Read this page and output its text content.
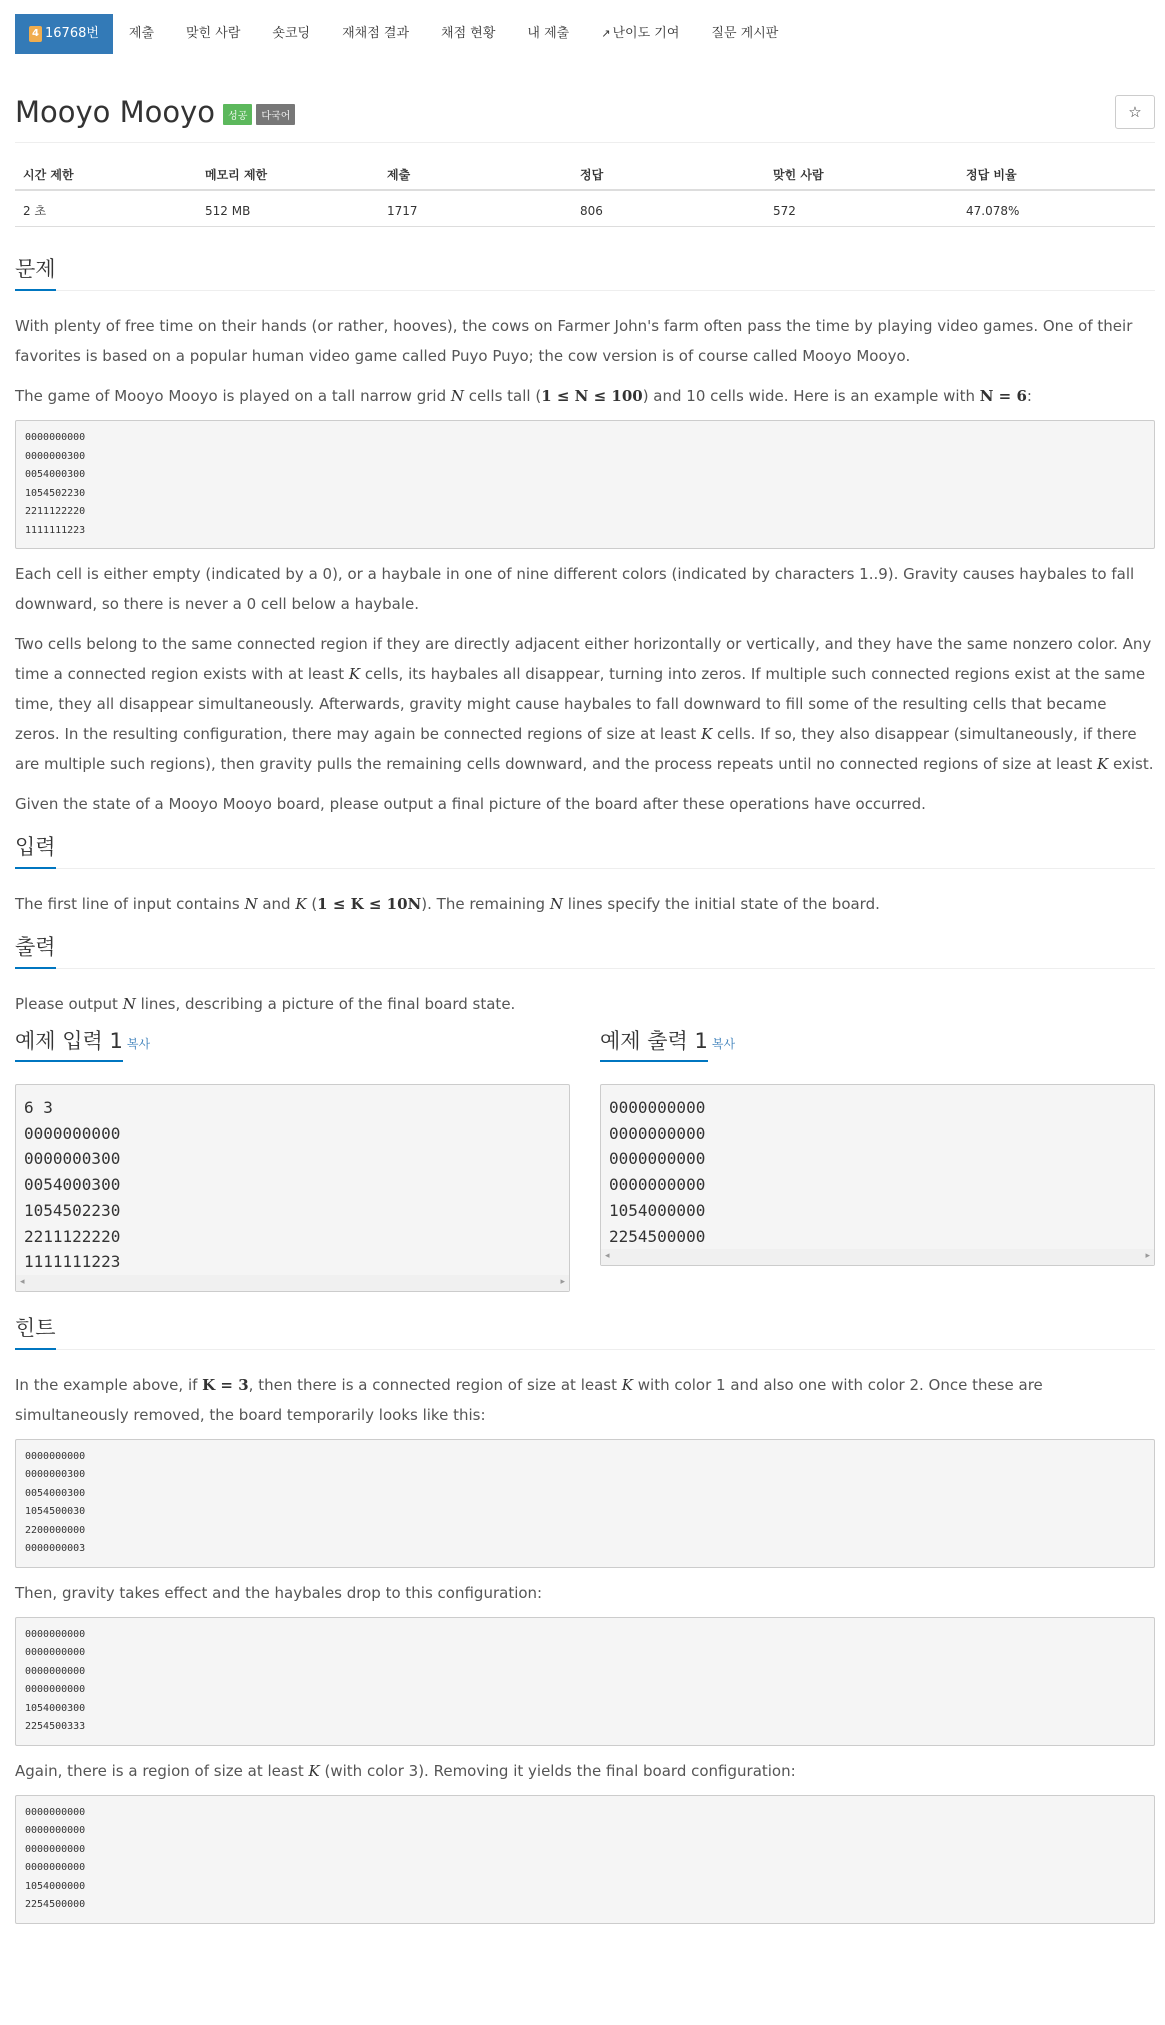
4 16768번	제출	맞힌 사람	숏코딩	재채점 결과	채점 현황	내 제출	↗ 난이도 기여	질문 게시판
Mooyo Mooyo	성공	다국어	☆
시간 제한	메모리 제한	제출	정답	맞힌 사람	정답 비율
2 초	512 MB	1717	806	572	47.078%
문제

With plenty of free time on their hands (or rather, hooves), the cows on Farmer John's farm often pass the time by playing video games. One of their favorites is based on a popular human video game called Puyo Puyo; the cow version is of course called Mooyo Mooyo.

The game of Mooyo Mooyo is played on a tall narrow grid N cells tall (1 ≤ N ≤ 100) and 10 cells wide. Here is an example with N = 6:

0000000000
0000000300
0054000300
1054502230
2211122220
1111111223

Each cell is either empty (indicated by a 0), or a haybale in one of nine different colors (indicated by characters 1..9). Gravity causes haybales to fall downward, so there is never a 0 cell below a haybale.

Two cells belong to the same connected region if they are directly adjacent either horizontally or vertically, and they have the same nonzero color. Any time a connected region exists with at least K cells, its haybales all disappear, turning into zeros. If multiple such connected regions exist at the same time, they all disappear simultaneously. Afterwards, gravity might cause haybales to fall downward to fill some of the resulting cells that became zeros. In the resulting configuration, there may again be connected regions of size at least K cells. If so, they also disappear (simultaneously, if there are multiple such regions), then gravity pulls the remaining cells downward, and the process repeats until no connected regions of size at least K exist.

Given the state of a Mooyo Mooyo board, please output a final picture of the board after these operations have occurred.

입력

The first line of input contains N and K (1 ≤ K ≤ 10N). The remaining N lines specify the initial state of the board.

출력

Please output N lines, describing a picture of the final board state.

예제 입력 1 복사
6 3
0000000000
0000000300
0054000300
1054502230
2211122220
1111111223
◂	▸
예제 출력 1 복사
0000000000
0000000000
0000000000
0000000000
1054000000
2254500000
◂	▸
힌트

In the example above, if K = 3, then there is a connected region of size at least K with color 1 and also one with color 2. Once these are simultaneously removed, the board temporarily looks like this:

0000000000
0000000300
0054000300
1054500030
2200000000
0000000003

Then, gravity takes effect and the haybales drop to this configuration:

0000000000
0000000000
0000000000
0000000000
1054000300
2254500333

Again, there is a region of size at least K (with color 3). Removing it yields the final board configuration:

0000000000
0000000000
0000000000
0000000000
1054000000
2254500000
